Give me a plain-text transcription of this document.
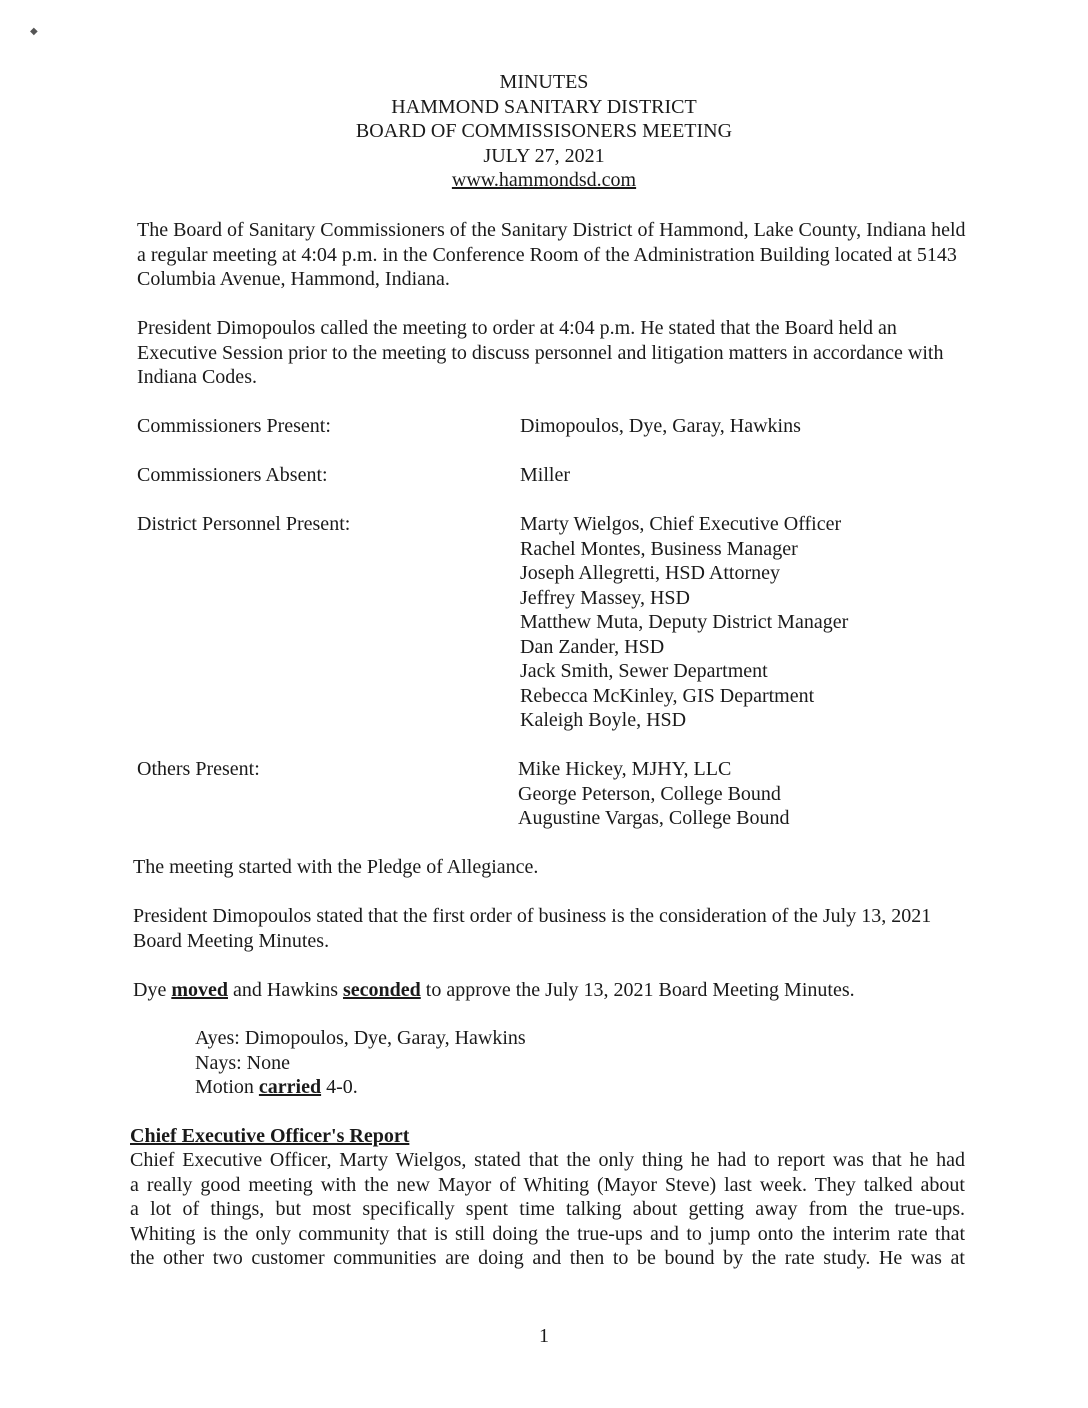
◆
MINUTES
HAMMOND SANITARY DISTRICT
BOARD OF COMMISSISONERS MEETING
JULY 27, 2021
www.hammondsd.com
The Board of Sanitary Commissioners of the Sanitary District of Hammond, Lake County, Indiana held a regular meeting at 4:04 p.m. in the Conference Room of the Administration Building located at 5143 Columbia Avenue, Hammond, Indiana.
President Dimopoulos called the meeting to order at 4:04 p.m. He stated that the Board held an Executive Session prior to the meeting to discuss personnel and litigation matters in accordance with Indiana Codes.
Commissioners Present:	Dimopoulos, Dye, Garay, Hawkins
Commissioners Absent:	Miller
District Personnel Present:	Marty Wielgos, Chief Executive Officer
Rachel Montes, Business Manager
Joseph Allegretti, HSD Attorney
Jeffrey Massey, HSD
Matthew Muta, Deputy District Manager
Dan Zander, HSD
Jack Smith, Sewer Department
Rebecca McKinley, GIS Department
Kaleigh Boyle, HSD
Others Present:	Mike Hickey, MJHY, LLC
George Peterson, College Bound
Augustine Vargas, College Bound
The meeting started with the Pledge of Allegiance.
President Dimopoulos stated that the first order of business is the consideration of the July 13, 2021 Board Meeting Minutes.
Dye moved and Hawkins seconded to approve the July 13, 2021 Board Meeting Minutes.
Ayes: Dimopoulos, Dye, Garay, Hawkins
Nays: None
Motion carried 4-0.
Chief Executive Officer's Report
Chief Executive Officer, Marty Wielgos, stated that the only thing he had to report was that he had
a really good meeting with the new Mayor of Whiting (Mayor Steve) last week. They talked about
a lot of things, but most specifically spent time talking about getting away from the true-ups.
Whiting is the only community that is still doing the true-ups and to jump onto the interim rate that
the other two customer communities are doing and then to be bound by the rate study. He was at
1
